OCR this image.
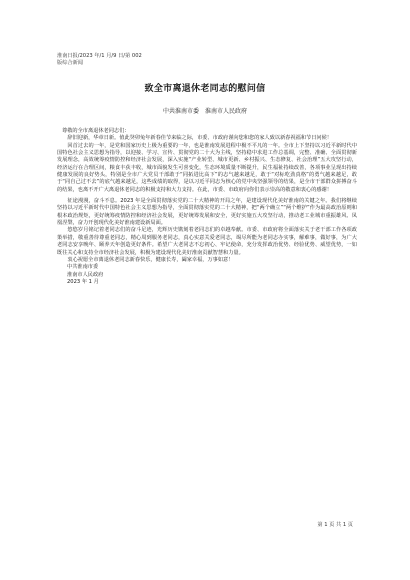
淮南日报/2023 年/1 月/9 日/第 002
版综合新闻
致全市离退休老同志的慰问信
中共淮南市委　淮南市人民政府

尊敬的全市离退休老同志们：

辞旧迎新，华章日新。值此癸卯兔年新春佳节来临之际，市委、市政府谨向您和您的家人致以新春祝福和节日问候！

回首过去的一年，是党和国家历史上极为重要的一年，也是淮南发展进程中极不平凡的一年。全市上下坚持以习近平新时代中国特色社会主义思想为指导，以迎接、学习、宣传、贯彻党的二十大为主线，坚持稳中求进工作总基调，完整、准确、全面贯彻新发展理念，高效统筹疫情防控和经济社会发展，深入实施“产业转型、城市更新、乡村振兴、生态修复、社会治理”五大攻坚行动，经济运行在合理区间，粮食丰获丰收，城市面貌发生可喜变化，生态环境质量不断提升，民生福祉持续改善，各项事业呈现出持续健康发展的良好势头，特别是全市广大党员干部敢于“同拓进比高下”的志气越来越足，敢于“对标吃劲真格”的勇气越来越足，敢于“同自己过不去”的底气越来越足，这些成绩的取得，是以习近平同志为核心的党中央坚强领导的结果，是全市干部群众拼搏奋斗的结果，也离不开广大离退休老同志的积极支持和大力支持。在此，市委、市政府向你们表示崇高的敬意和衷心的感谢！

征途漫漫，奋斗不息。2023 年是全面贯彻落实党的二十大精神的开局之年，是建设现代化美好淮南的关键之年。我们将继续坚持以习近平新时代中国特色社会主义思想为指导，全面贯彻落实党的二十大精神，把“两个确立”“两个维护”作为最高政治原则和根本政治规矩，更好统筹疫情防控和经济社会发展，更好统筹发展和安全，更好实施五大攻坚行动，推动老工业城市重振雄风、凤凰涅槃，奋力开创现代化美好淮南建设新局面。

悠悠岁月铭记着老同志们的奋斗足迹，光辉历史镌刻着老同志们的卓越奉献。市委、市政府将全面落实关于老干部工作各项政策举措，敬重善待尊重老同志，精心周到服务老同志，真心实意关爱老同志，竭尽所能为老同志办实事，解难事，做好事，为广大老同志安享晚年、颐养天年创造更好条件。希望广大老同志不忘初心、牢记使命，充分发挥政治优势、经验优势、威望优势，一如既往关心和支持全市经济社会发展，积极为建设现代化美好淮南贡献智慧和力量。

衷心祝愿全市离退休老同志新春快乐，健康长寿，阖家幸福，万事如意！

中共淮南市委
淮南市人民政府
2023 年 1 月
第 1 页 共 1 页
